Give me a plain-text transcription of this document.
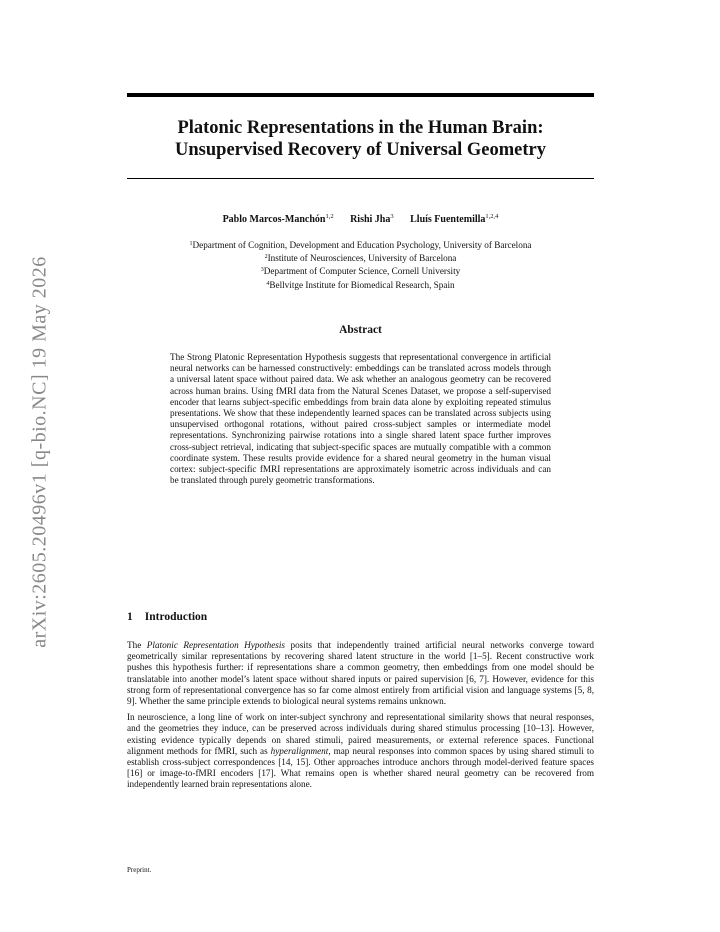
arXiv:2605.20496v1 [q-bio.NC] 19 May 2026
Platonic Representations in the Human Brain:
Unsupervised Recovery of Universal Geometry
Pablo Marcos-Manchón$^{1,2}$ Rishi Jha$^3$ Lluís Fuentemilla$^{1,2,4}$
$^1$Department of Cognition, Development and Education Psychology, University of Barcelona
$^2$Institute of Neurosciences, University of Barcelona
$^3$Department of Computer Science, Cornell University
$^4$Bellvitge Institute for Biomedical Research, Spain
Abstract
The Strong Platonic Representation Hypothesis suggests that representational convergence in artificial neural networks can be harnessed constructively: embeddings can be translated across models through a universal latent space without paired data. We ask whether an analogous geometry can be recovered across human brains. Using fMRI data from the Natural Scenes Dataset, we propose a self-supervised encoder that learns subject-specific embeddings from brain data alone by exploiting repeated stimulus presentations. We show that these independently learned spaces can be translated across subjects using unsupervised orthogonal rotations, without paired cross-subject samples or intermediate model representations. Synchronizing pairwise rotations into a single shared latent space further improves cross-subject retrieval, indicating that subject-specific spaces are mutually compatible with a common coordinate system. These results provide evidence for a shared neural geometry in the human visual cortex: subject-specific fMRI representations are approximately isometric across individuals and can be translated through purely geometric transformations.
1 Introduction

The Platonic Representation Hypothesis posits that independently trained artificial neural networks converge toward geometrically similar representations by recovering shared latent structure in the world [1–5]. Recent constructive work pushes this hypothesis further: if representations share a common geometry, then embeddings from one model should be translatable into another model’s latent space without shared inputs or paired supervision [6, 7]. However, evidence for this strong form of representational convergence has so far come almost entirely from artificial vision and language systems [5, 8, 9]. Whether the same principle extends to biological neural systems remains unknown.

In neuroscience, a long line of work on inter-subject synchrony and representational similarity shows that neural responses, and the geometries they induce, can be preserved across individuals during shared stimulus processing [10–13]. However, existing evidence typically depends on shared stimuli, paired measurements, or external reference spaces. Functional alignment methods for fMRI, such as hyperalignment, map neural responses into common spaces by using shared stimuli to establish cross-subject correspondences [14, 15]. Other approaches introduce anchors through model-derived feature spaces [16] or image-to-fMRI encoders [17]. What remains open is whether shared neural geometry can be recovered from independently learned brain representations alone.

Preprint.
